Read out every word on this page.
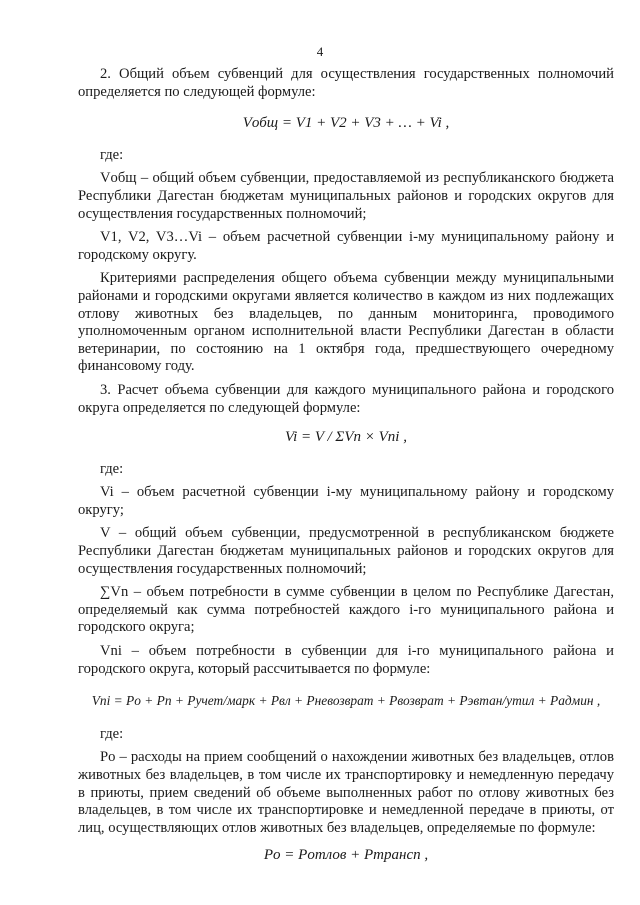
4

2. Общий объем субвенций для осуществления государственных полномочий определяется по следующей формуле:

Vобщ = V1 + V2 + V3 + … + Vi ,

где:

Vобщ – общий объем субвенции, предоставляемой из республиканского бюджета Республики Дагестан бюджетам муниципальных районов и городских округов для осуществления государственных полномочий;

V1, V2, V3…Vi – объем расчетной субвенции i-му муниципальному району и городскому округу.

Критериями распределения общего объема субвенции между муниципальными районами и городскими округами является количество в каждом из них подлежащих отлову животных без владельцев, по данным мониторинга, проводимого уполномоченным органом исполнительной власти Республики Дагестан в области ветеринарии, по состоянию на 1 октября года, предшествующего очередному финансовому году.

3. Расчет объема субвенции для каждого муниципального района и городского округа определяется по следующей формуле:

Vi = V / ΣVn × Vni ,

где:

Vi – объем расчетной субвенции i-му муниципальному району и городскому округу;

V – общий объем субвенции, предусмотренной в республиканском бюджете Республики Дагестан бюджетам муниципальных районов и городских округов для осуществления государственных полномочий;

∑Vn – объем потребности в сумме субвенции в целом по Республике Дагестан, определяемый как сумма потребностей каждого i-го муниципального района и городского округа;

Vni – объем потребности в субвенции для i-го муниципального района и городского округа, который рассчитывается по формуле:

Vni = Pо + Pп + Pучет/марк + Pвл + Pневозврат + Pвозврат + Pэвтан/утил + Pадмин ,

где:

Pо – расходы на прием сообщений о нахождении животных без владельцев, отлов животных без владельцев, в том числе их транспортировку и немедленную передачу в приюты, прием сведений об объеме выполненных работ по отлову животных без владельцев, в том числе их транспортировке и немедленной передаче в приюты, от лиц, осуществляющих отлов животных без владельцев, определяемые по формуле:

Pо = Pотлов + Pтрансп ,
